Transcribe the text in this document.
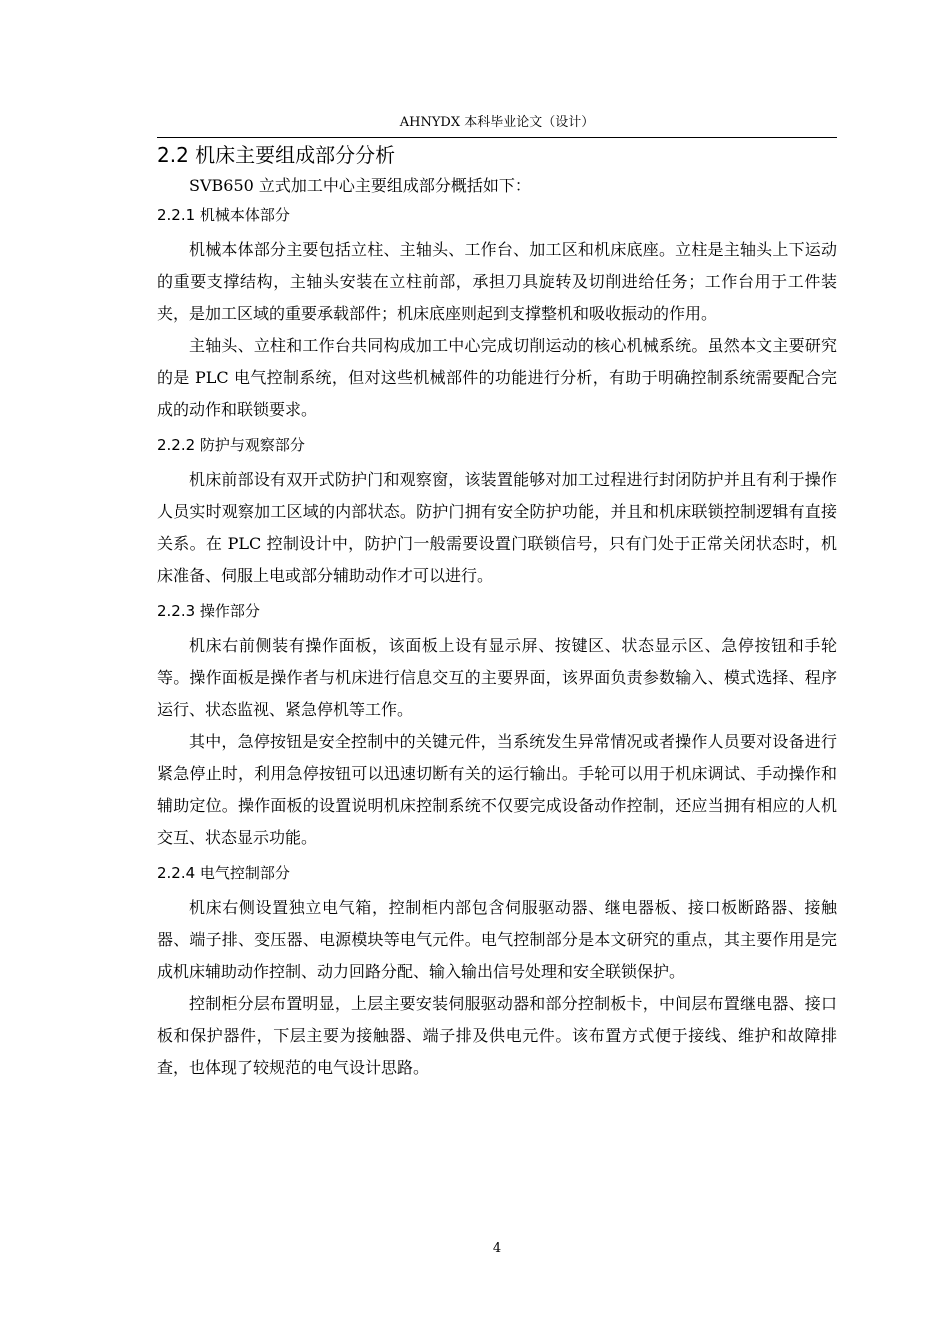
AHNYDX 本科毕业论文（设计）
2.2 机床主要组成部分分析

SVB650 立式加工中心主要组成部分概括如下：

2.2.1 机械本体部分

机械本体部分主要包括立柱、主轴头、工作台、加工区和机床底座。立柱是主轴头上下运动的重要支撑结构，主轴头安装在立柱前部，承担刀具旋转及切削进给任务；工作台用于工件装夹，是加工区域的重要承载部件；机床底座则起到支撑整机和吸收振动的作用。

主轴头、立柱和工作台共同构成加工中心完成切削运动的核心机械系统。虽然本文主要研究的是 PLC 电气控制系统，但对这些机械部件的功能进行分析，有助于明确控制系统需要配合完成的动作和联锁要求。

2.2.2 防护与观察部分

机床前部设有双开式防护门和观察窗，该装置能够对加工过程进行封闭防护并且有利于操作人员实时观察加工区域的内部状态。防护门拥有安全防护功能，并且和机床联锁控制逻辑有直接关系。在 PLC 控制设计中，防护门一般需要设置门联锁信号，只有门处于正常关闭状态时，机床准备、伺服上电或部分辅助动作才可以进行。

2.2.3 操作部分

机床右前侧装有操作面板，该面板上设有显示屏、按键区、状态显示区、急停按钮和手轮等。操作面板是操作者与机床进行信息交互的主要界面，该界面负责参数输入、模式选择、程序运行、状态监视、紧急停机等工作。

其中，急停按钮是安全控制中的关键元件，当系统发生异常情况或者操作人员要对设备进行紧急停止时，利用急停按钮可以迅速切断有关的运行输出。手轮可以用于机床调试、手动操作和辅助定位。操作面板的设置说明机床控制系统不仅要完成设备动作控制，还应当拥有相应的人机交互、状态显示功能。

2.2.4 电气控制部分

机床右侧设置独立电气箱，控制柜内部包含伺服驱动器、继电器板、接口板断路器、接触器、端子排、变压器、电源模块等电气元件。电气控制部分是本文研究的重点，其主要作用是完成机床辅助动作控制、动力回路分配、输入输出信号处理和安全联锁保护。

控制柜分层布置明显，上层主要安装伺服驱动器和部分控制板卡，中间层布置继电器、接口板和保护器件，下层主要为接触器、端子排及供电元件。该布置方式便于接线、维护和故障排查，也体现了较规范的电气设计思路。

4
